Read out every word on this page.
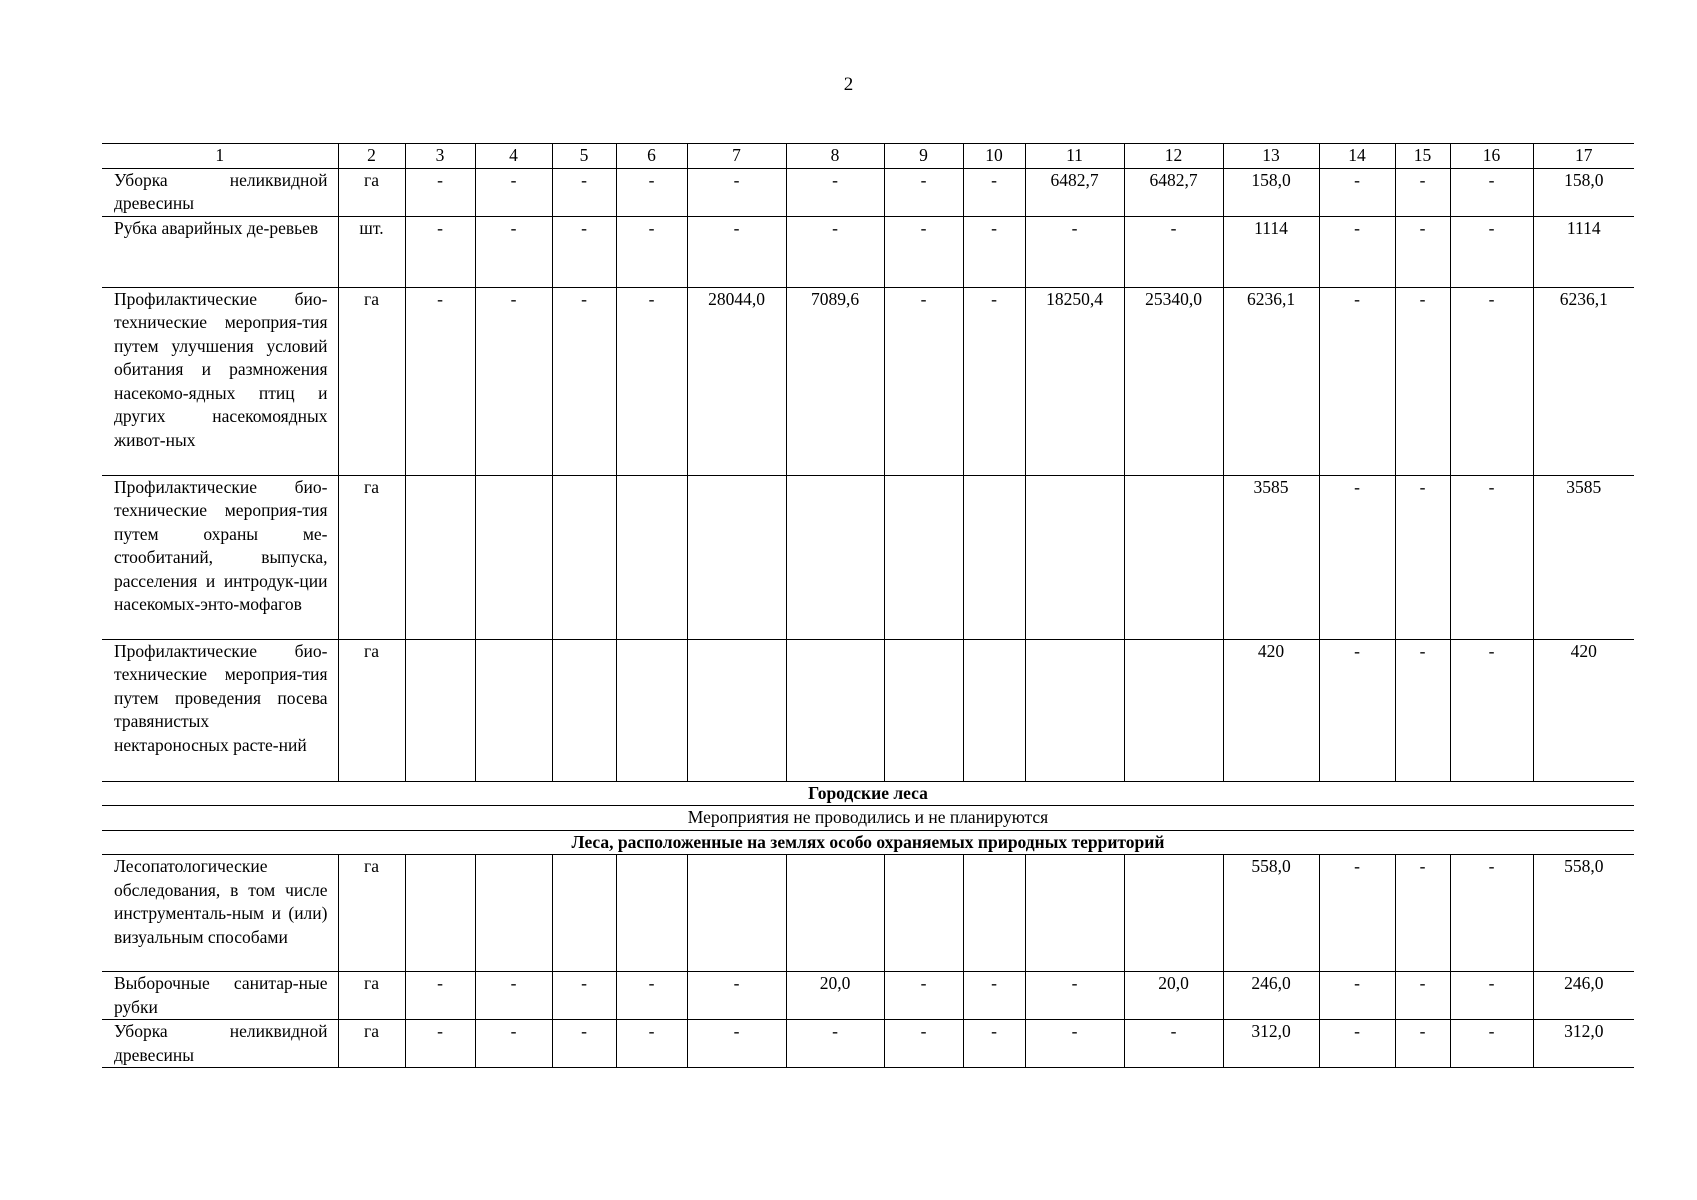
2
1	2	3	4	5	6	7	8	9	10	11	12	13	14	15	16	17
Уборка неликвидной древесины	га	-	-	-	-	-	-	-	-	6482,7	6482,7	158,0	-	-	-	158,0
Рубка аварийных де-ревьев	шт.	-	-	-	-	-	-	-	-	-	-	1114	-	-	-	1114
Профилактические био-технические мероприя-тия путем улучшения условий обитания и размножения насекомо-ядных птиц и других насекомоядных живот-ных	га	-	-	-	-	28044,0	7089,6	-	-	18250,4	25340,0	6236,1	-	-	-	6236,1
Профилактические био-технические мероприя-тия путем охраны ме-стообитаний, выпуска, расселения и интродук-ции насекомых-энто-мофагов	га											3585	-	-	-	3585
Профилактические био-технические мероприя-тия путем проведения посева травянистых нектароносных расте-ний	га											420	-	-	-	420
Городские леса																
Мероприятия не проводились и не планируются																
Леса, расположенные на землях особо охраняемых природных территорий																
Лесопатологические обследования, в том числе инструменталь-ным и (или) визуальным способами	га											558,0	-	-	-	558,0
Выборочные санитар-ные рубки	га	-	-	-	-	-	20,0	-	-	-	20,0	246,0	-	-	-	246,0
Уборка неликвидной древесины	га	-	-	-	-	-	-	-	-	-	-	312,0	-	-	-	312,0
